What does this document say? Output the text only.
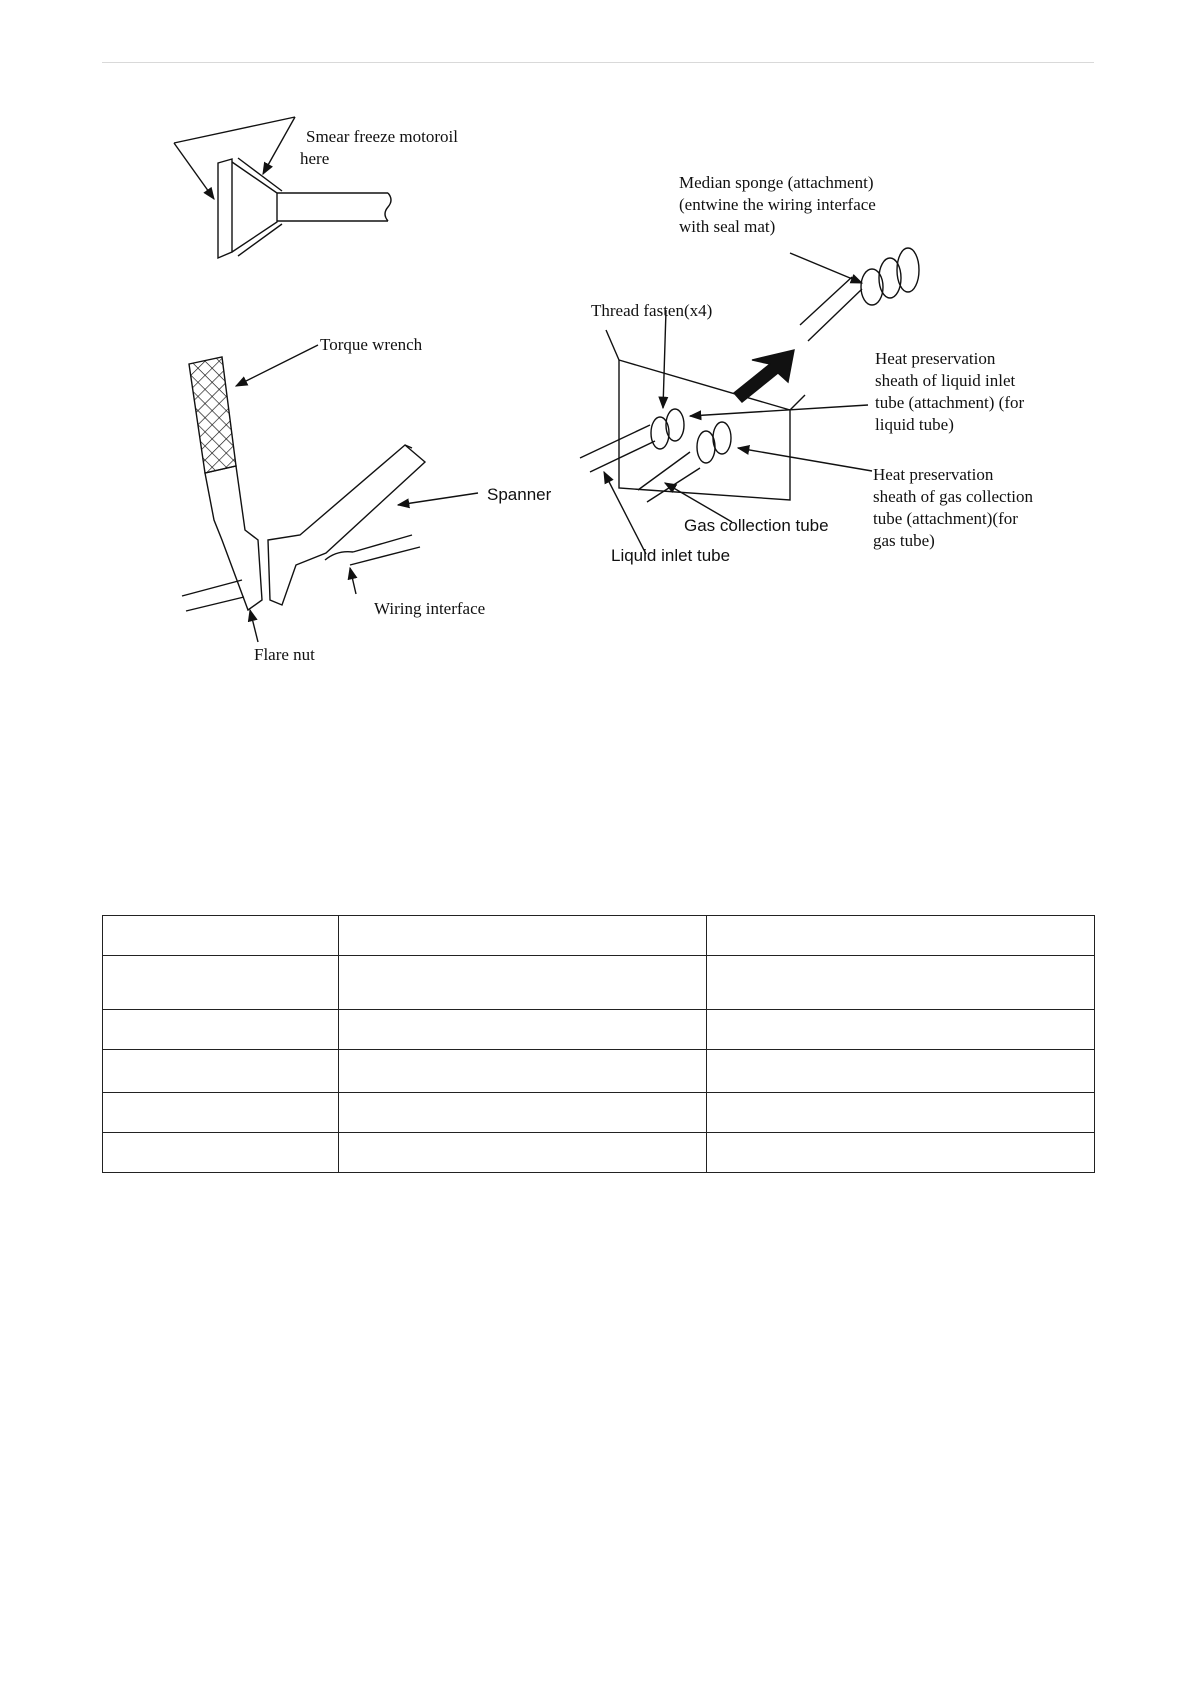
Smear freeze motoroil
here
Torque wrench
Spanner
Wiring interface
Flare nut
Median sponge (attachment)
(entwine the wiring interface
with seal mat)
Thread fasten(x4)
Heat preservation
sheath of liquid inlet
tube (attachment) (for
liquid tube)
Heat preservation
sheath of gas collection
tube (attachment)(for
gas tube)
Gas collection tube
Liquid inlet tube
